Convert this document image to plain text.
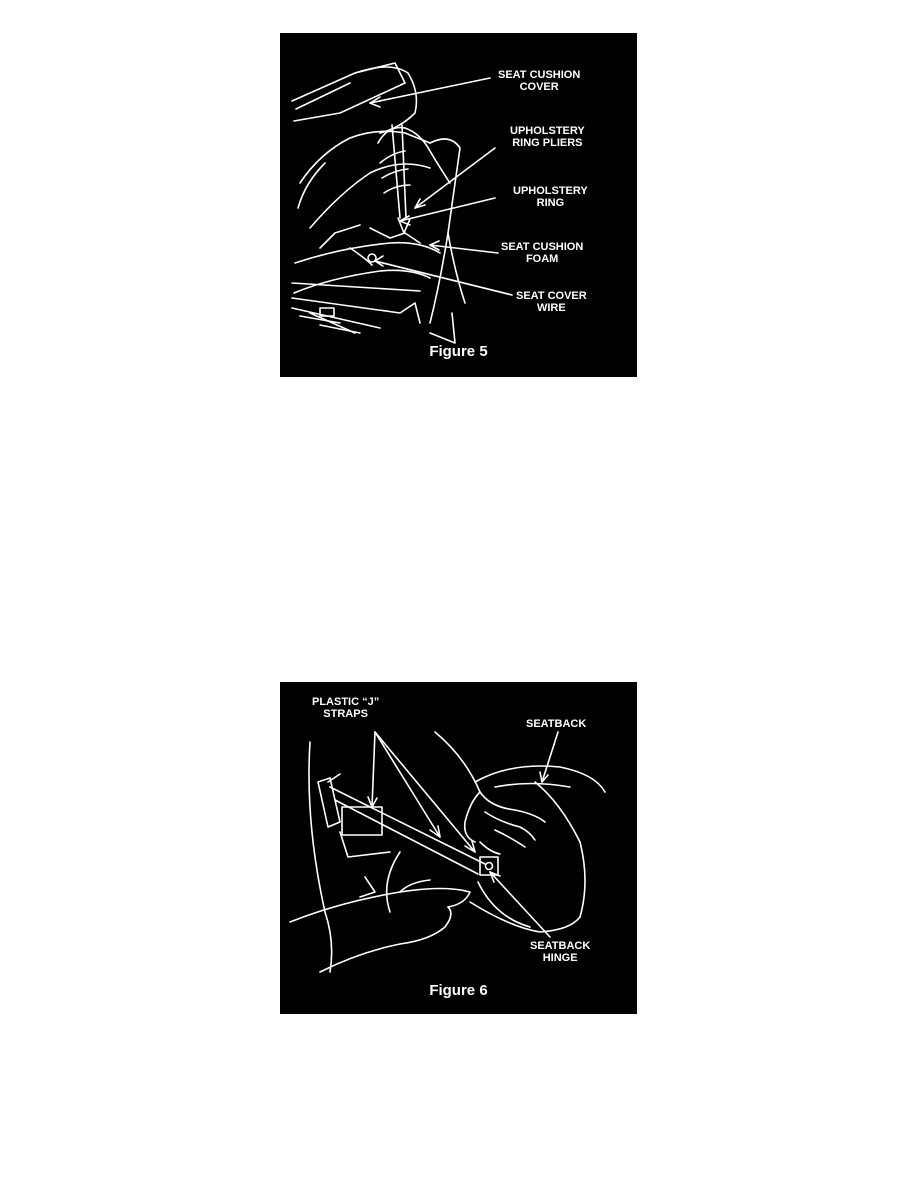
SEAT CUSHION
COVER
UPHOLSTERY
RING PLIERS
UPHOLSTERY
RING
SEAT CUSHION
FOAM
SEAT COVER
WIRE
Figure 5
PLASTIC “J”
STRAPS
SEATBACK
SEATBACK
HINGE
Figure 6
